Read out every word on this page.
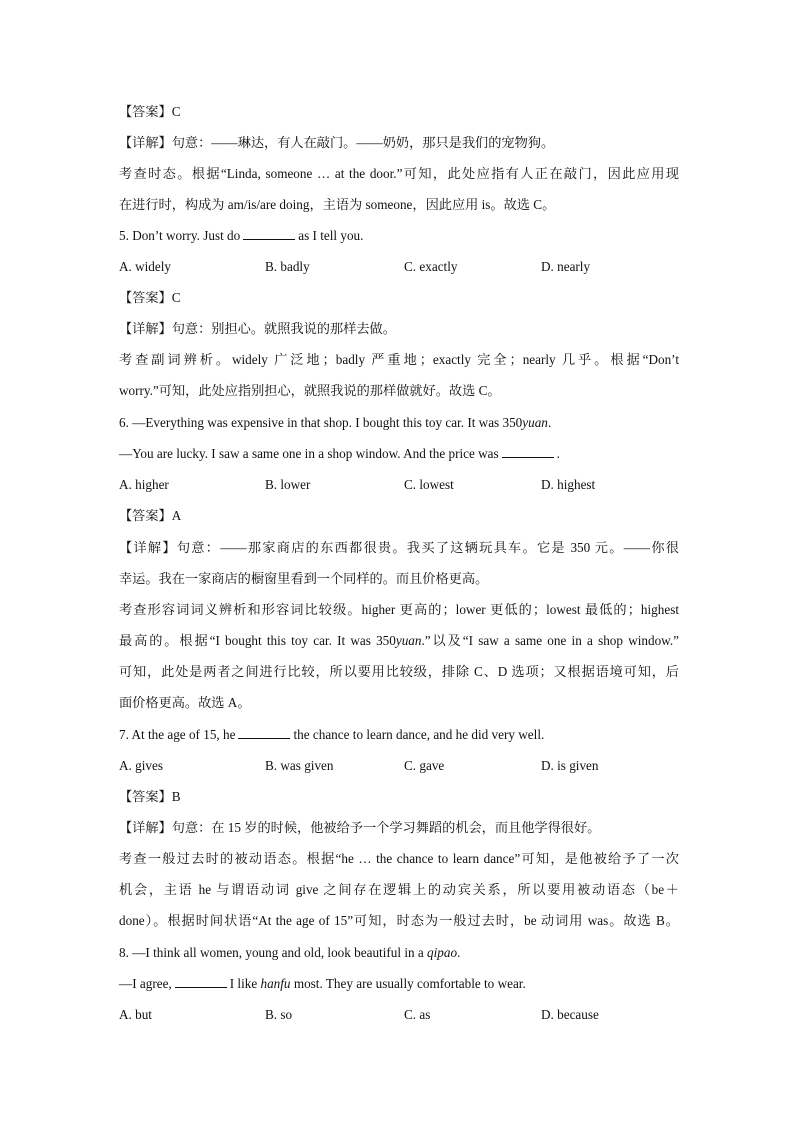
【答案】C
【详解】句意：——琳达，有人在敲门。——奶奶，那只是我们的宠物狗。
考查时态。根据“Linda, someone … at the door.”可知，此处应指有人正在敲门，因此应用现
在进行时，构成为 am/is/are doing，主语为 someone，因此应用 is。故选 C。
5. Don’t worry. Just do	as I tell you.
A. widely	B. badly	C. exactly	D. nearly
【答案】C
【详解】句意：别担心。就照我说的那样去做。
考查副词辨析。widely 广泛地；badly 严重地；exactly 完全；nearly 几乎。根据“Don’t
worry.”可知，此处应指别担心，就照我说的那样做就好。故选 C。
6. —Everything was expensive in that shop. I bought this toy car. It was 350yuan.
—You are lucky. I saw a same one in a shop window. And the price was	.
A. higher	B. lower	C. lowest	D. highest
【答案】A
【详解】句意：——那家商店的东西都很贵。我买了这辆玩具车。它是 350 元。——你很
幸运。我在一家商店的橱窗里看到一个同样的。而且价格更高。
考查形容词词义辨析和形容词比较级。higher 更高的；lower 更低的；lowest 最低的；highest
最高的。根据“I bought this toy car. It was 350yuan.”以及“I saw a same one in a shop window.”
可知，此处是两者之间进行比较，所以要用比较级，排除 C、D 选项；又根据语境可知，后
面价格更高。故选 A。
7. At the age of 15, he	the chance to learn dance, and he did very well.
A. gives	B. was given	C. gave	D. is given
【答案】B
【详解】句意：在 15 岁的时候，他被给予一个学习舞蹈的机会，而且他学得很好。
考查一般过去时的被动语态。根据“he … the chance to learn dance”可知，是他被给予了一次
机会，主语 he 与谓语动词 give 之间存在逻辑上的动宾关系，所以要用被动语态（be＋
done）。根据时间状语“At the age of 15”可知，时态为一般过去时，be 动词用 was。故选 B。
8. —I think all women, young and old, look beautiful in a qipao.
—I agree,	I like hanfu most. They are usually comfortable to wear.
A. but	B. so	C. as	D. because
